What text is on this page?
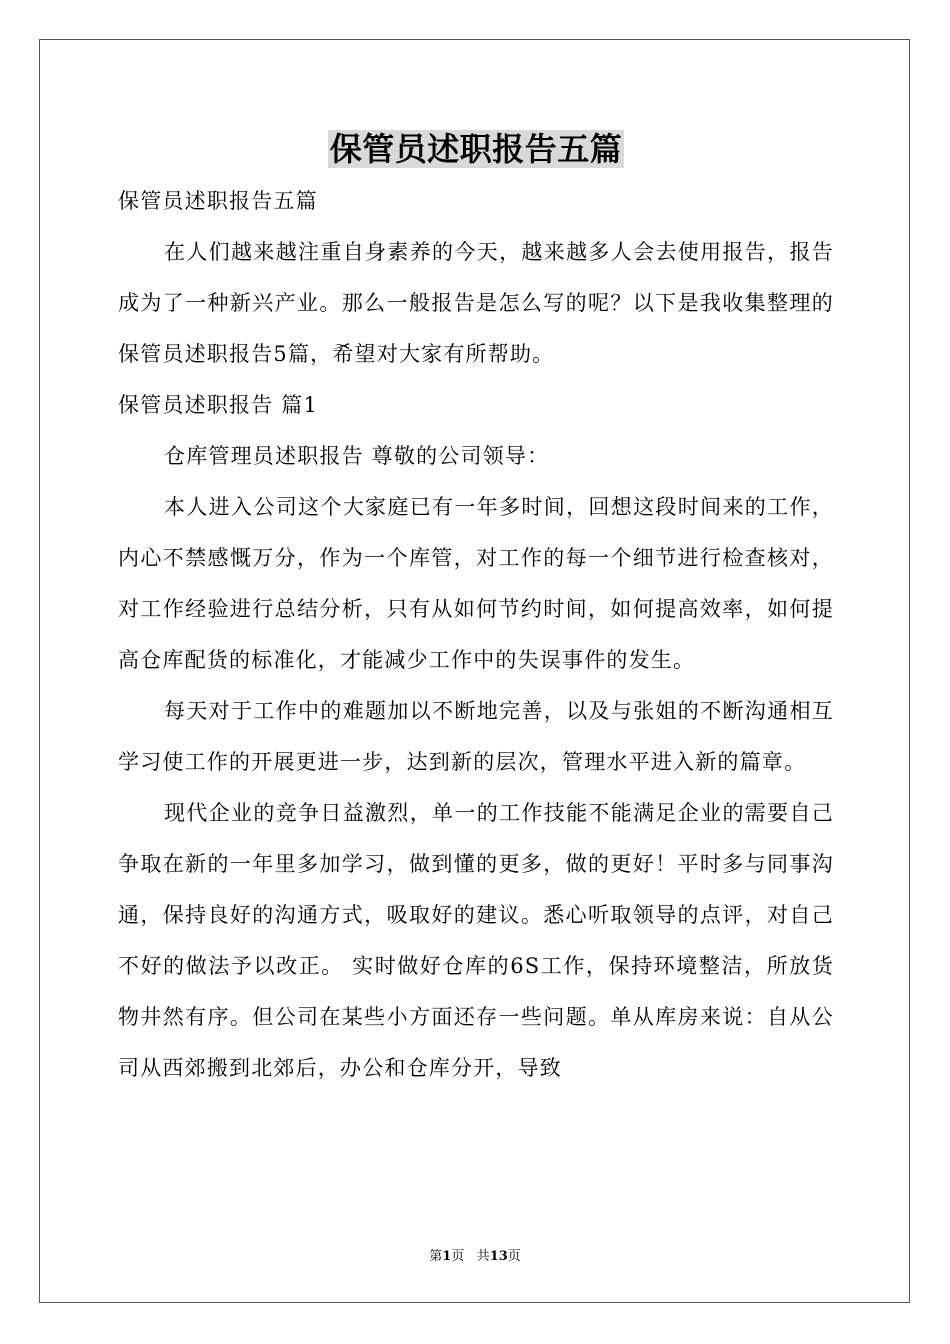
保管员述职报告五篇

保管员述职报告五篇

在人们越来越注重自身素养的今天，越来越多人会去使用报告，报告成为了一种新兴产业。那么一般报告是怎么写的呢？以下是我收集整理的保管员述职报告5篇，希望对大家有所帮助。

保管员述职报告 篇1

仓库管理员述职报告 尊敬的公司领导：

本人进入公司这个大家庭已有一年多时间，回想这段时间来的工作，内心不禁感慨万分，作为一个库管，对工作的每一个细节进行检查核对，对工作经验进行总结分析，只有从如何节约时间，如何提高效率，如何提高仓库配货的标准化，才能减少工作中的失误事件的发生。

每天对于工作中的难题加以不断地完善，以及与张姐的不断沟通相互学习使工作的开展更进一步，达到新的层次，管理水平进入新的篇章。

现代企业的竞争日益激烈，单一的工作技能不能满足企业的需要自己争取在新的一年里多加学习，做到懂的更多，做的更好！平时多与同事沟通，保持良好的沟通方式，吸取好的建议。悉心听取领导的点评，对自己不好的做法予以改正。 实时做好仓库的6S工作，保持环境整洁，所放货物井然有序。但公司在某些小方面还存一些问题。单从库房来说：自从公司从西郊搬到北郊后，办公和仓库分开，导致

第1页 共13页
